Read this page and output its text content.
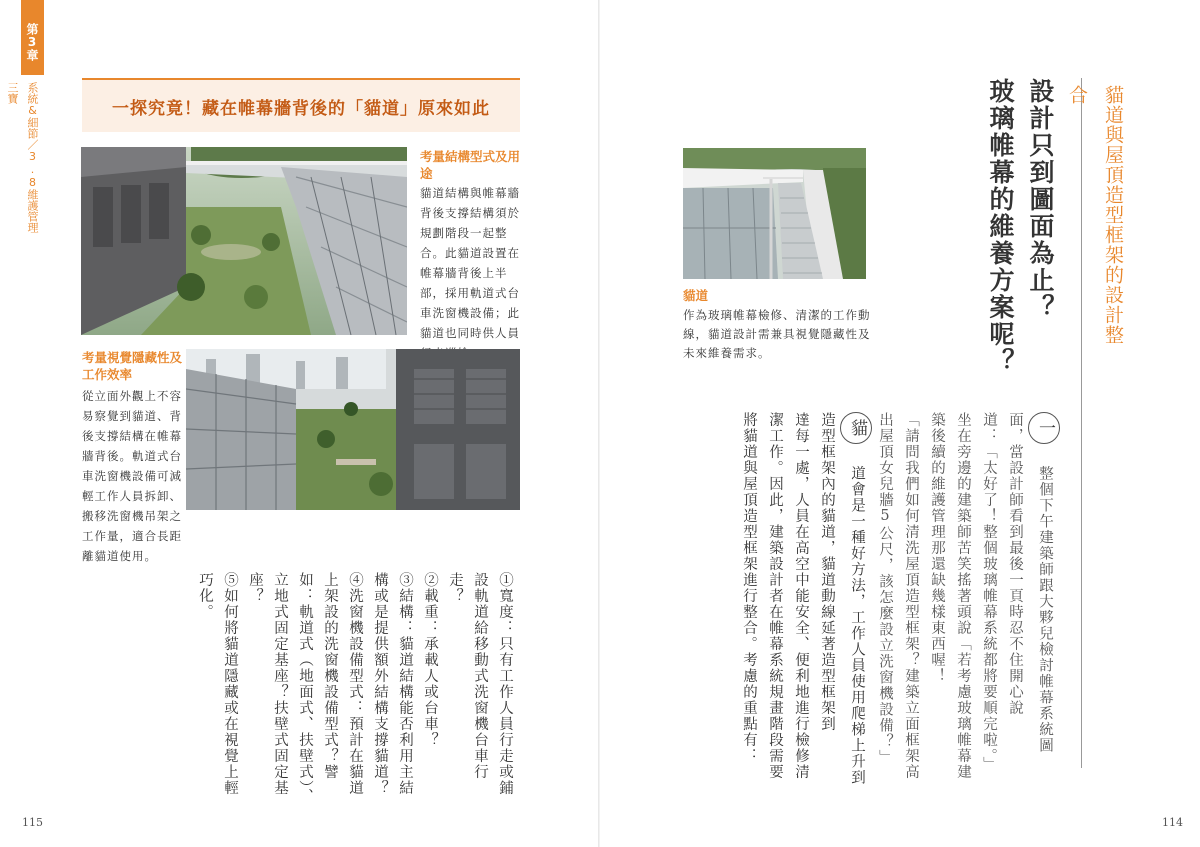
第3章
系統&細節／3.8維護管理三寶
一探究竟！藏在帷幕牆背後的「貓道」原來如此
考量結構型式及用途
貓道結構與帷幕牆背後支撐結構須於規劃階段一起整合。此貓道設置在帷幕牆背後上半部，採用軌道式台車洗窗機設備；此貓道也同時供人員
考量視覺隱藏性及工作效率
從立面外觀上不容易察覺到貓道、背後支撐結構在帷幕牆背後。軌道式台車洗窗機設備可減輕工作人員拆卸、搬移洗窗機吊架之工作量，適合長距離貓道使用。

①寬度：只有工作人員行走或鋪設軌道給移動式洗窗機台車行走？

②載重：承載人或台車？

③結構：貓道結構能否利用主結構或是提供額外結構支撐貓道？

④洗窗機設備型式：預計在貓道上架設的洗窗機設備型式？譬如：軌道式（地面式、扶壁式）、立地式固定基座？扶壁式固定基座？

⑤如何將貓道隱藏或在視覺上輕巧化。

115
貓道與屋頂造型框架的設計整合
設計只到圖面為止？
玻璃帷幕的維養方案呢？
貓道
作為玻璃帷幕檢修、清潔的工作動線，貓道設計需兼具視覺隱藏性及未來維養需求。
一 整個下午建築師跟大夥兒檢討帷幕系統圖
面，當設計師看到最後一頁時忍不住開心說
道：「太好了！整個玻璃帷幕系統都將要順完啦。」
坐在旁邊的建築師苦笑搖著頭說「若考慮玻璃帷幕建
築後續的維護管理那還缺幾樣東西喔！
「請問我們如何清洗屋頂造型框架？建築立面框架高
出屋頂女兒牆5公尺，該怎麼設立洗窗機設備？」
貓 道會是一種好方法，工作人員使用爬梯上升到
造型框架內的貓道，貓道動線延著造型框架到
達每一處，人員在高空中能安全、便利地進行檢修清
潔工作。因此，建築設計者在帷幕系統規畫階段需要
將貓道與屋頂造型框架進行整合。考慮的重點有：
114
